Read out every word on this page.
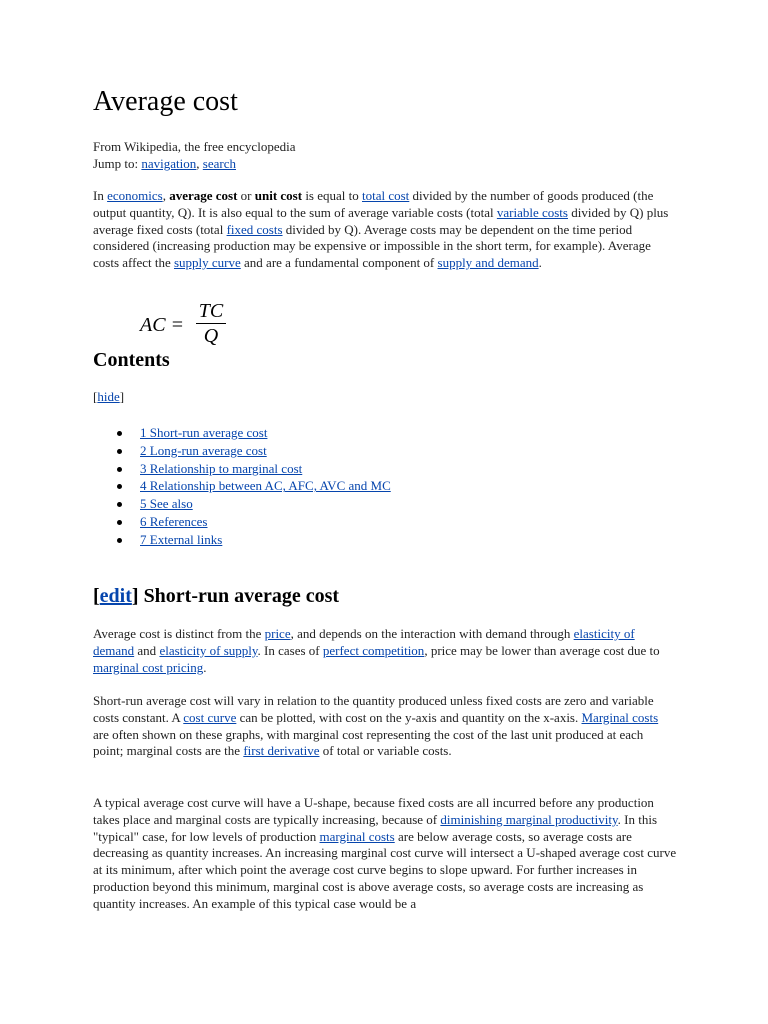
Average cost
From Wikipedia, the free encyclopedia
Jump to: navigation, search

In economics, average cost or unit cost is equal to total cost divided by the number of goods produced (the output quantity, Q). It is also equal to the sum of average variable costs (total variable costs divided by Q) plus average fixed costs (total fixed costs divided by Q). Average costs may be dependent on the time period considered (increasing production may be expensive or impossible in the short term, for example). Average costs affect the supply curve and are a fundamental component of supply and demand.

AC =
TC
Q
Contents
[hide]
1 Short-run average cost
2 Long-run average cost
3 Relationship to marginal cost
4 Relationship between AC, AFC, AVC and MC
5 See also
6 References
7 External links
[edit] Short-run average cost

Average cost is distinct from the price, and depends on the interaction with demand through elasticity of demand and elasticity of supply. In cases of perfect competition, price may be lower than average cost due to marginal cost pricing.

Short-run average cost will vary in relation to the quantity produced unless fixed costs are zero and variable costs constant. A cost curve can be plotted, with cost on the y-axis and quantity on the x-axis. Marginal costs are often shown on these graphs, with marginal cost representing the cost of the last unit produced at each point; marginal costs are the first derivative of total or variable costs.

A typical average cost curve will have a U-shape, because fixed costs are all incurred before any production takes place and marginal costs are typically increasing, because of diminishing marginal productivity. In this "typical" case, for low levels of production marginal costs are below average costs, so average costs are decreasing as quantity increases. An increasing marginal cost curve will intersect a U-shaped average cost curve at its minimum, after which point the average cost curve begins to slope upward. For further increases in production beyond this minimum, marginal cost is above average costs, so average costs are increasing as quantity increases. An example of this typical case would be a
